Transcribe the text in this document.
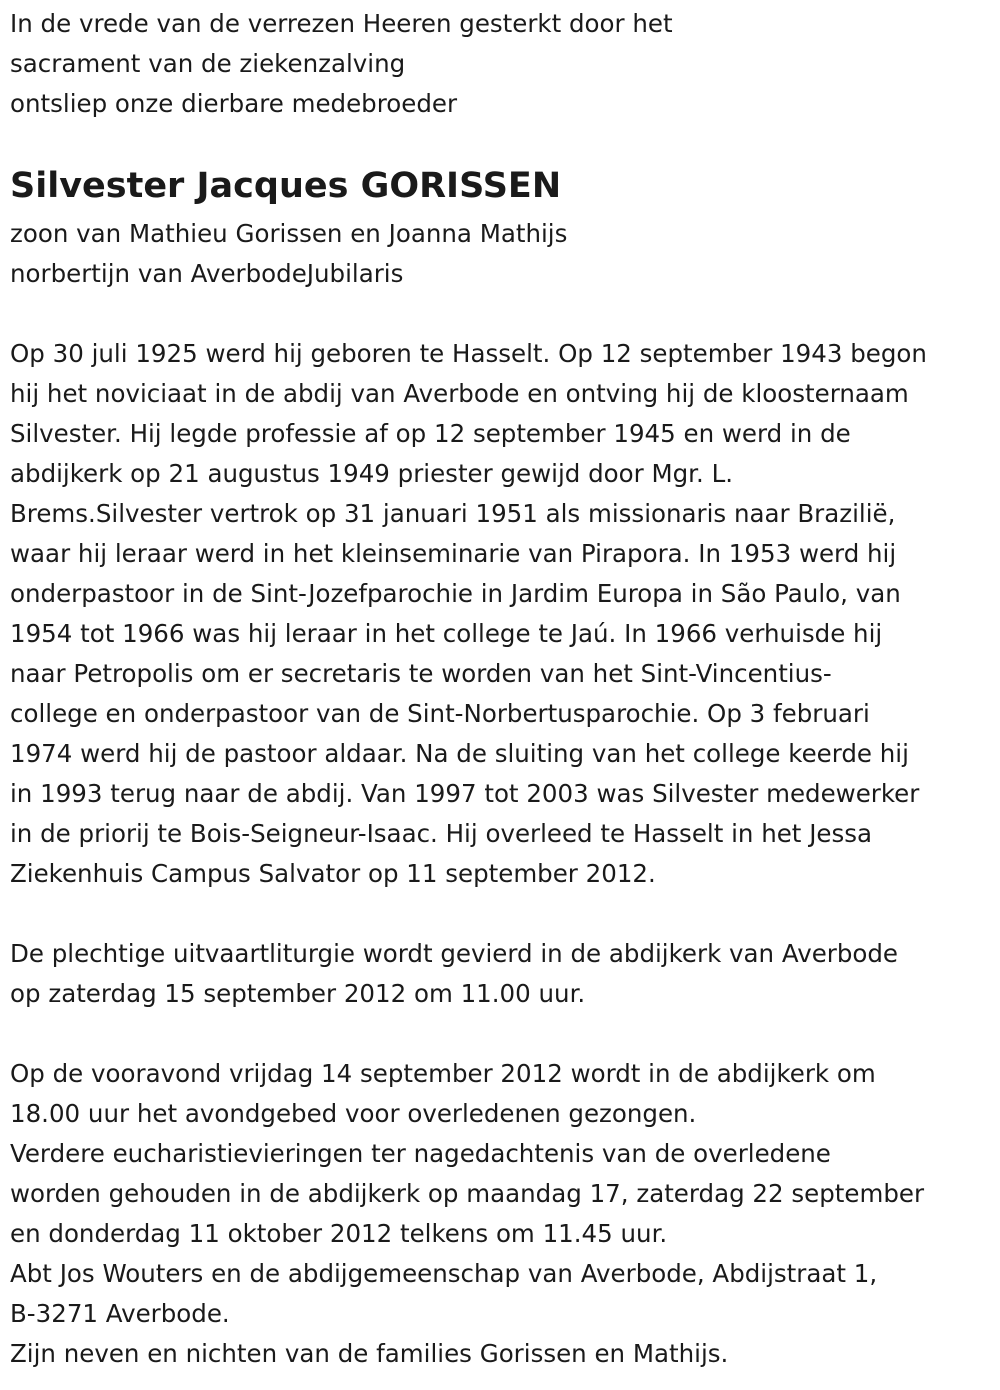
In de vrede van de verrezen Heeren gesterkt door het
sacrament van de ziekenzalving
ontsliep onze dierbare medebroeder
Silvester Jacques GORISSEN
zoon van Mathieu Gorissen en Joanna Mathijs
norbertijn van AverbodeJubilaris
Op 30 juli 1925 werd hij geboren te Hasselt. Op 12 september 1943 begon
hij het noviciaat in de abdij van Averbode en ontving hij de kloosternaam
Silvester. Hij legde professie af op 12 september 1945 en werd in de
abdijkerk op 21 augustus 1949 priester gewijd door Mgr. L.
Brems.Silvester vertrok op 31 januari 1951 als missionaris naar Brazilië,
waar hij leraar werd in het kleinseminarie van Pirapora. In 1953 werd hij
onderpastoor in de Sint-Jozefparochie in Jardim Europa in São Paulo, van
1954 tot 1966 was hij leraar in het college te Jaú. In 1966 verhuisde hij
naar Petropolis om er secretaris te worden van het Sint-Vincentius-
college en onderpastoor van de Sint-Norbertusparochie. Op 3 februari
1974 werd hij de pastoor aldaar. Na de sluiting van het college keerde hij
in 1993 terug naar de abdij. Van 1997 tot 2003 was Silvester medewerker
in de priorij te Bois-Seigneur-Isaac. Hij overleed te Hasselt in het Jessa
Ziekenhuis Campus Salvator op 11 september 2012.
De plechtige uitvaartliturgie wordt gevierd in de abdijkerk van Averbode
op zaterdag 15 september 2012 om 11.00 uur.
Op de vooravond vrijdag 14 september 2012 wordt in de abdijkerk om
18.00 uur het avondgebed voor overledenen gezongen.
Verdere eucharistievieringen ter nagedachtenis van de overledene
worden gehouden in de abdijkerk op maandag 17, zaterdag 22 september
en donderdag 11 oktober 2012 telkens om 11.45 uur.
Abt Jos Wouters en de abdijgemeenschap van Averbode, Abdijstraat 1,
B-3271 Averbode.
Zijn neven en nichten van de families Gorissen en Mathijs.
